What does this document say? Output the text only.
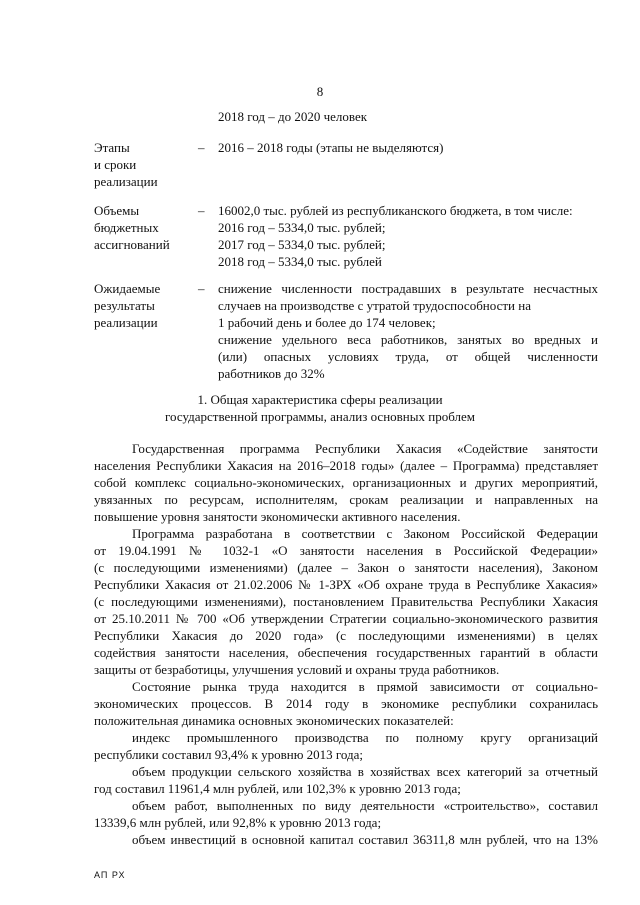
8
2018 год – до 2020 человек
Этапы
и сроки
реализации
– 2016 – 2018 годы (этапы не выделяются)
Объемы
бюджетных
ассигнований
– 16002,0 тыс. рублей из республиканского бюджета, в том числе:
2016 год – 5334,0 тыс. рублей;
2017 год – 5334,0 тыс. рублей;
2018 год – 5334,0 тыс. рублей
Ожидаемые
результаты
реализации
– снижение численности пострадавших в результате несчастных
случаев на производстве с утратой трудоспособности на
1 рабочий день и более до 174 человек;
снижение удельного веса работников, занятых во вредных и
(или) опасных условиях труда, от общей численности
работников до 32%
1. Общая характеристика сферы реализации
государственной программы, анализ основных проблем

Государственная программа Республики Хакасия «Содействие занятости

населения Республики Хакасия на 2016–2018 годы» (далее – Программа) представляет

собой комплекс социально-экономических, организационных и других мероприятий,

увязанных по ресурсам, исполнителям, срокам реализации и направленных на

повышение уровня занятости экономически активного населения.

Программа разработана в соответствии с Законом Российской Федерации

от 19.04.1991 № 1032-1 «О занятости населения в Российской Федерации»

(с последующими изменениями) (далее – Закон о занятости населения), Законом

Республики Хакасия от 21.02.2006 № 1-ЗРХ «Об охране труда в Республике Хакасия»

(с последующими изменениями), постановлением Правительства Республики Хакасия

от 25.10.2011 № 700 «Об утверждении Стратегии социально-экономического развития

Республики Хакасия до 2020 года» (с последующими изменениями) в целях

содействия занятости населения, обеспечения государственных гарантий в области

защиты от безработицы, улучшения условий и охраны труда работников.

Состояние рынка труда находится в прямой зависимости от социально-

экономических процессов. В 2014 году в экономике республики сохранилась

положительная динамика основных экономических показателей:

индекс промышленного производства по полному кругу организаций

республики составил 93,4% к уровню 2013 года;

объем продукции сельского хозяйства в хозяйствах всех категорий за отчетный

год составил 11961,4 млн рублей, или 102,3% к уровню 2013 года;

объем работ, выполненных по виду деятельности «строительство», составил

13339,6 млн рублей, или 92,8% к уровню 2013 года;

объем инвестиций в основной капитал составил 36311,8 млн рублей, что на 13%

АП РХ
